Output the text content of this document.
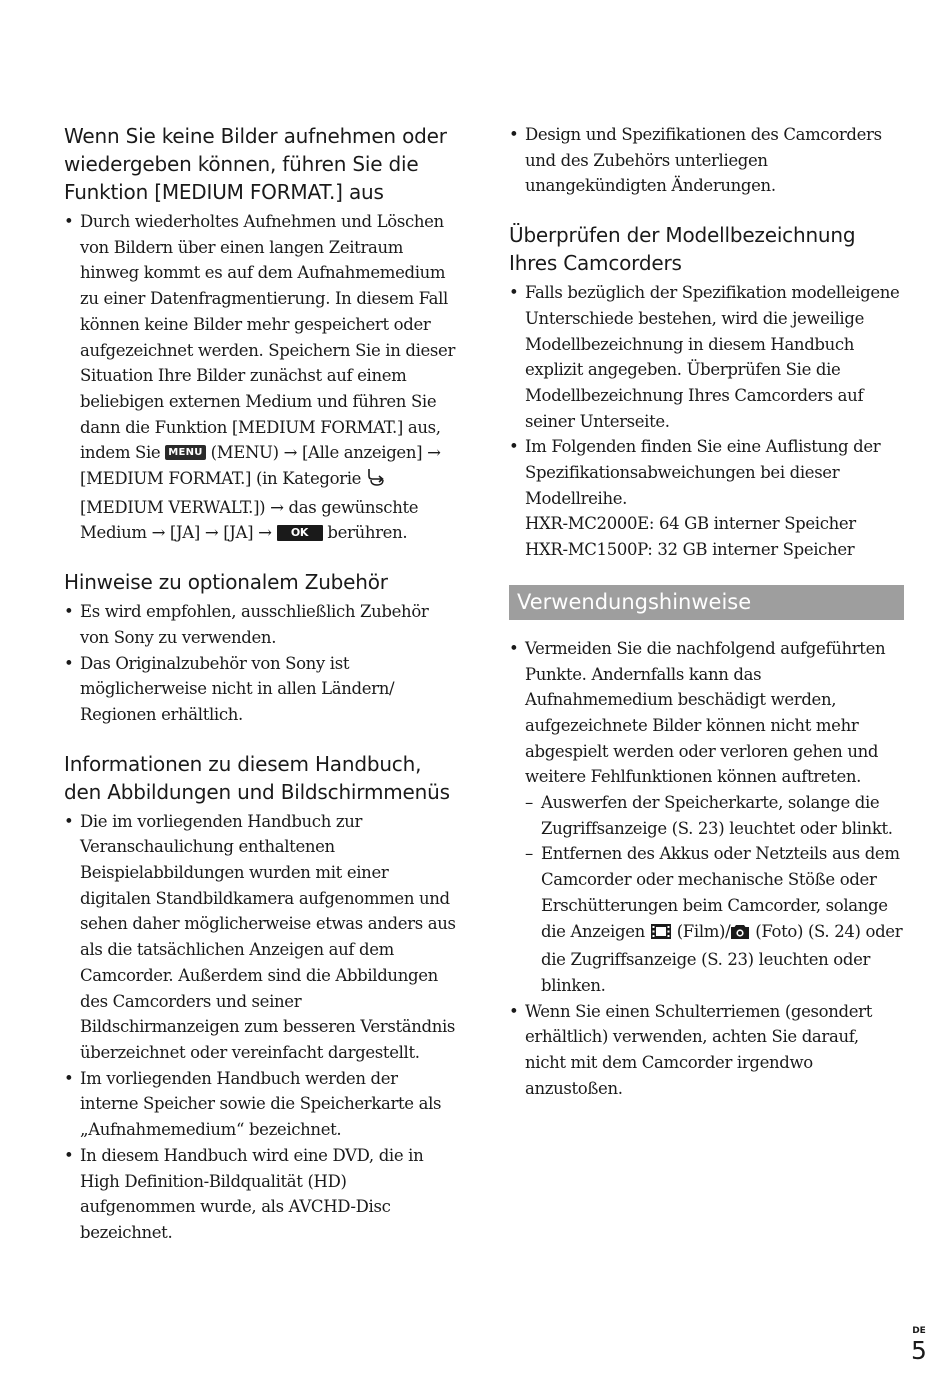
Wenn Sie keine Bilder aufnehmen oder wiedergeben können, führen Sie die Funktion [MEDIUM FORMAT.] aus
• Durch wiederholtes Aufnehmen und Löschen von Bildern über einen langen Zeitraum hinweg kommt es auf dem Aufnahmemedium zu einer Datenfragmentierung. In diesem Fall können keine Bilder mehr gespeichert oder aufgezeichnet werden. Speichern Sie in dieser Situation Ihre Bilder zunächst auf einem beliebigen externen Medium und führen Sie dann die Funktion [MEDIUM FORMAT.] aus, indem Sie MENU (MENU) → [Alle anzeigen] → [MEDIUM FORMAT.] (in Kategorie  [MEDIUM VERWALT.]) → das gewünschte Medium → [JA] → [JA] → OK berühren.
Hinweise zu optionalem Zubehör
• Es wird empfohlen, ausschließlich Zubehör von Sony zu verwenden.
• Das Originalzubehör von Sony ist möglicherweise nicht in allen Ländern/ Regionen erhältlich.
Informationen zu diesem Handbuch, den Abbildungen und Bildschirmmenüs
• Die im vorliegenden Handbuch zur Veranschaulichung enthaltenen Beispielabbildungen wurden mit einer digitalen Standbildkamera aufgenommen und sehen daher möglicherweise etwas anders aus als die tatsächlichen Anzeigen auf dem Camcorder. Außerdem sind die Abbildungen des Camcorders und seiner Bildschirmanzeigen zum besseren Verständnis überzeichnet oder vereinfacht dargestellt.
• Im vorliegenden Handbuch werden der interne Speicher sowie die Speicherkarte als „Aufnahmemedium“ bezeichnet.
• In diesem Handbuch wird eine DVD, die in High Definition-Bildqualität (HD) aufgenommen wurde, als AVCHD-Disc bezeichnet.
• Design und Spezifikationen des Camcorders und des Zubehörs unterliegen unangekündigten Änderungen.
Überprüfen der Modellbezeichnung Ihres Camcorders
• Falls bezüglich der Spezifikation modelleigene Unterschiede bestehen, wird die jeweilige Modellbezeichnung in diesem Handbuch explizit angegeben. Überprüfen Sie die Modellbezeichnung Ihres Camcorders auf seiner Unterseite.
• Im Folgenden finden Sie eine Auflistung der Spezifikationsabweichungen bei dieser Modellreihe.
HXR-MC2000E: 64 GB interner Speicher
HXR-MC1500P: 32 GB interner Speicher
Verwendungshinweise
• Vermeiden Sie die nachfolgend aufgeführten Punkte. Andernfalls kann das Aufnahmemedium beschädigt werden, aufgezeichnete Bilder können nicht mehr abgespielt werden oder verloren gehen und weitere Fehlfunktionen können auftreten.
– Auswerfen der Speicherkarte, solange die Zugriffsanzeige (S. 23) leuchtet oder blinkt.
– Entfernen des Akkus oder Netzteils aus dem Camcorder oder mechanische Stöße oder Erschütterungen beim Camcorder, solange die Anzeigen (Film)/ (Foto) (S. 24) oder die Zugriffsanzeige (S. 23) leuchten oder blinken.
• Wenn Sie einen Schulterriemen (gesondert erhältlich) verwenden, achten Sie darauf, nicht mit dem Camcorder irgendwo anzustoßen.
DE
5
